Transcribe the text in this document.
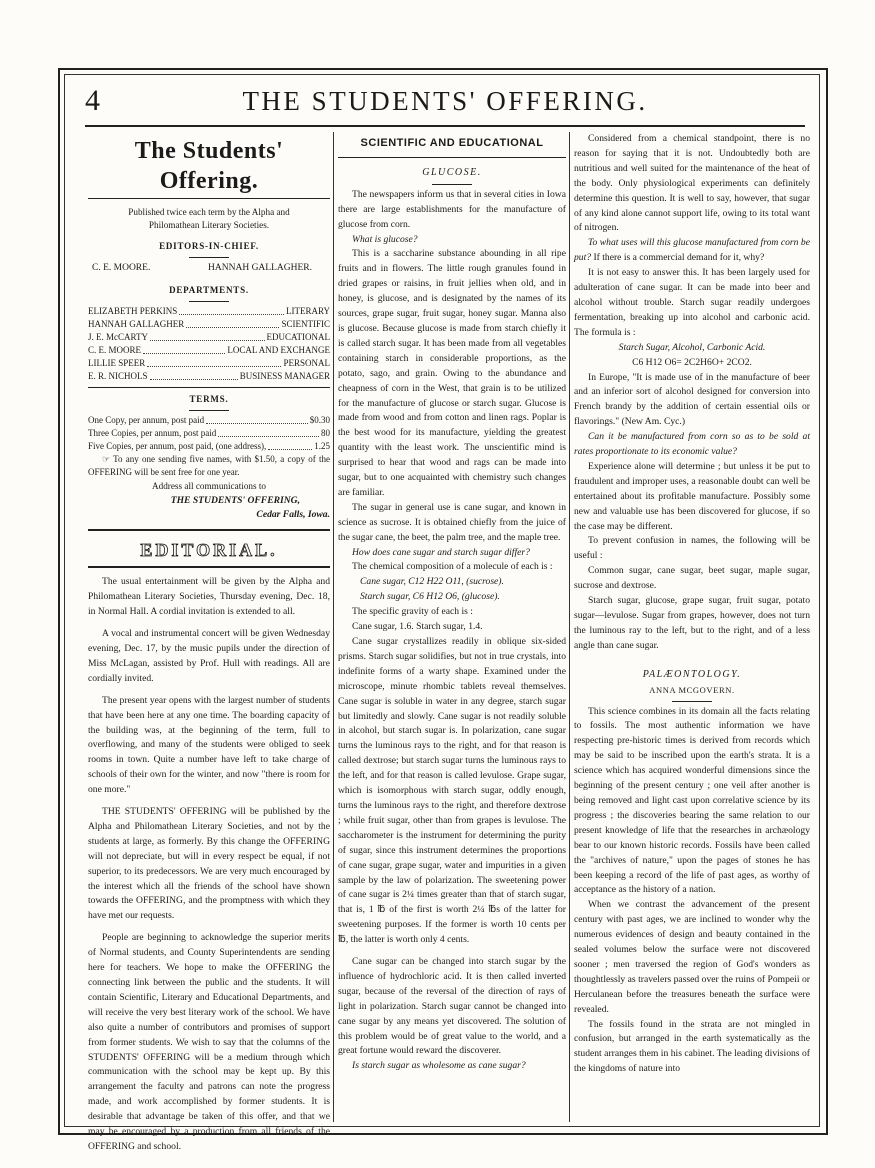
4	THE STUDENTS' OFFERING.
The Students' Offering.

Published twice each term by the Alpha and Philomathean Literary Societies.

EDITORS-IN-CHIEF.
C. E. MOORE.	HANNAH GALLAGHER.
DEPARTMENTS.
ELIZABETH PERKINS	LITERARY
HANNAH GALLAGHER	SCIENTIFIC
J. E. McCARTY	EDUCATIONAL
C. E. MOORE	LOCAL AND EXCHANGE
LILLIE SPEER	PERSONAL
E. R. NICHOLS	BUSINESS MANAGER
TERMS.
One Copy, per annum, post paid	$0.30
Three Copies, per annum, post paid	80
Five Copies, per annum, post paid, (one address),	1.25

☞ To any one sending five names, with $1.50, a copy of the OFFERING will be sent free for one year.

Address all communications to

THE STUDENTS' OFFERING,
Cedar Falls, Iowa.
EDITORIAL.

The usual entertainment will be given by the Alpha and Philomathean Literary Societies, Thursday evening, Dec. 18, in Normal Hall. A cordial invitation is extended to all.

A vocal and instrumental concert will be given Wednesday evening, Dec. 17, by the music pupils under the direction of Miss McLagan, assisted by Prof. Hull with readings. All are cordially invited.

The present year opens with the largest number of students that have been here at any one time. The boarding capacity of the building was, at the beginning of the term, full to overflowing, and many of the students were obliged to seek rooms in town. Quite a number have left to take charge of schools of their own for the winter, and now "there is room for one more."

THE STUDENTS' OFFERING will be published by the Alpha and Philomathean Literary Societies, and not by the students at large, as formerly. By this change the OFFERING will not depreciate, but will in every respect be equal, if not superior, to its predecessors. We are very much encouraged by the interest which all the friends of the school have shown towards the OFFERING, and the promptness with which they have met our requests.

People are beginning to acknowledge the superior merits of Normal students, and County Superintendents are sending here for teachers. We hope to make the OFFERING the connecting link between the public and the students. It will contain Scientific, Literary and Educational Departments, and will receive the very best literary work of the school. We have also quite a number of contributors and promises of support from former students. We wish to say that the columns of the STUDENTS' OFFERING will be a medium through which communication with the school may be kept up. By this arrangement the faculty and patrons can note the progress made, and work accomplished by former students. It is desirable that advantage be taken of this offer, and that we may be encouraged by a production from all friends of the OFFERING and school.

SCIENTIFIC AND EDUCATIONAL
GLUCOSE.

The newspapers inform us that in several cities in Iowa there are large establishments for the manufacture of glucose from corn.

What is glucose?

This is a saccharine substance abounding in all ripe fruits and in flowers. The little rough granules found in dried grapes or raisins, in fruit jellies when old, and in honey, is glucose, and is designated by the names of its sources, grape sugar, fruit sugar, honey sugar. Manna also is glucose. Because glucose is made from starch chiefly it is called starch sugar. It has been made from all vegetables containing starch in considerable proportions, as the potato, sago, and grain. Owing to the abundance and cheapness of corn in the West, that grain is to be utilized for the manufacture of glucose or starch sugar. Glucose is made from wood and from cotton and linen rags. Poplar is the best wood for its manufacture, yielding the greatest quantity with the least work. The unscientific mind is surprised to hear that wood and rags can be made into sugar, but to one acquainted with chemistry such changes are familiar.

The sugar in general use is cane sugar, and known in science as sucrose. It is obtained chiefly from the juice of the sugar cane, the beet, the palm tree, and the maple tree.

How does cane sugar and starch sugar differ?

The chemical composition of a molecule of each is :

Cane sugar, C12 H22 O11, (sucrose).

Starch sugar, C6 H12 O6, (glucose).

The specific gravity of each is :

Cane sugar, 1.6. Starch sugar, 1.4.

Cane sugar crystallizes readily in oblique six-sided prisms. Starch sugar solidifies, but not in true crystals, into indefinite forms of a warty shape. Examined under the microscope, minute rhombic tablets reveal themselves. Cane sugar is soluble in water in any degree, starch sugar but limitedly and slowly. Cane sugar is not readily soluble in alcohol, but starch sugar is. In polarization, cane sugar turns the luminous rays to the right, and for that reason is called dextrose; but starch sugar turns the luminous rays to the left, and for that reason is called levulose. Grape sugar, which is isomorphous with starch sugar, oddly enough, turns the luminous rays to the right, and therefore dextrose ; while fruit sugar, other than from grapes is levulose. The saccharometer is the instrument for determining the purity of sugar, since this instrument determines the proportions of cane sugar, grape sugar, water and impurities in a given sample by the law of polarization. The sweetening power of cane sugar is 2¼ times greater than that of starch sugar, that is, 1 ℔ of the first is worth 2¼ ℔s of the latter for sweetening purposes. If the former is worth 10 cents per ℔, the latter is worth only 4 cents.

Cane sugar can be changed into starch sugar by the influence of hydrochloric acid. It is then called inverted sugar, because of the reversal of the direction of rays of light in polarization. Starch sugar cannot be changed into cane sugar by any means yet discovered. The solution of this problem would be of great value to the world, and a great fortune would reward the discoverer.

Is starch sugar as wholesome as cane sugar?

Considered from a chemical standpoint, there is no reason for saying that it is not. Undoubtedly both are nutritious and well suited for the maintenance of the heat of the body. Only physiological experiments can definitely determine this question. It is well to say, however, that sugar of any kind alone cannot support life, owing to its total want of nitrogen.

To what uses will this glucose manufactured from corn be put? If there is a commercial demand for it, why?

It is not easy to answer this. It has been largely used for adulteration of cane sugar. It can be made into beer and alcohol without trouble. Starch sugar readily undergoes fermentation, breaking up into alcohol and carbonic acid. The formula is :

Starch Sugar, Alcohol, Carbonic Acid.

C6 H12 O6= 2C2H6O+ 2CO2.

In Europe, "It is made use of in the manufacture of beer and an inferior sort of alcohol designed for conversion into French brandy by the addition of certain essential oils or flavorings." (New Am. Cyc.)

Can it be manufactured from corn so as to be sold at rates proportionate to its economic value?

Experience alone will determine ; but unless it be put to fraudulent and improper uses, a reasonable doubt can well be entertained about its profitable manufacture. Possibly some new and valuable use has been discovered for glucose, if so the case may be different.

To prevent confusion in names, the following will be useful :

Common sugar, cane sugar, beet sugar, maple sugar, sucrose and dextrose.

Starch sugar, glucose, grape sugar, fruit sugar, potato sugar—levulose. Sugar from grapes, however, does not turn the luminous ray to the left, but to the right, and of a less angle than cane sugar.

PALÆONTOLOGY.
ANNA MCGOVERN.

This science combines in its domain all the facts relating to fossils. The most authentic information we have respecting pre-historic times is derived from records which may be said to be inscribed upon the earth's strata. It is a science which has acquired wonderful dimensions since the beginning of the present century ; one veil after another is being removed and light cast upon correlative science by its progress ; the discoveries bearing the same relation to our present knowledge of life that the researches in archæology bear to our known historic records. Fossils have been called the "archives of nature," upon the pages of stones he has been keeping a record of the life of past ages, as worthy of acceptance as the history of a nation.

When we contrast the advancement of the present century with past ages, we are inclined to wonder why the numerous evidences of design and beauty contained in the sealed volumes below the surface were not discovered sooner ; men traversed the region of God's wonders as thoughtlessly as travelers passed over the ruins of Pompeii or Herculanean before the treasures beneath the surface were revealed.

The fossils found in the strata are not mingled in confusion, but arranged in the earth systematically as the student arranges them in his cabinet. The leading divisions of the kingdoms of nature into
